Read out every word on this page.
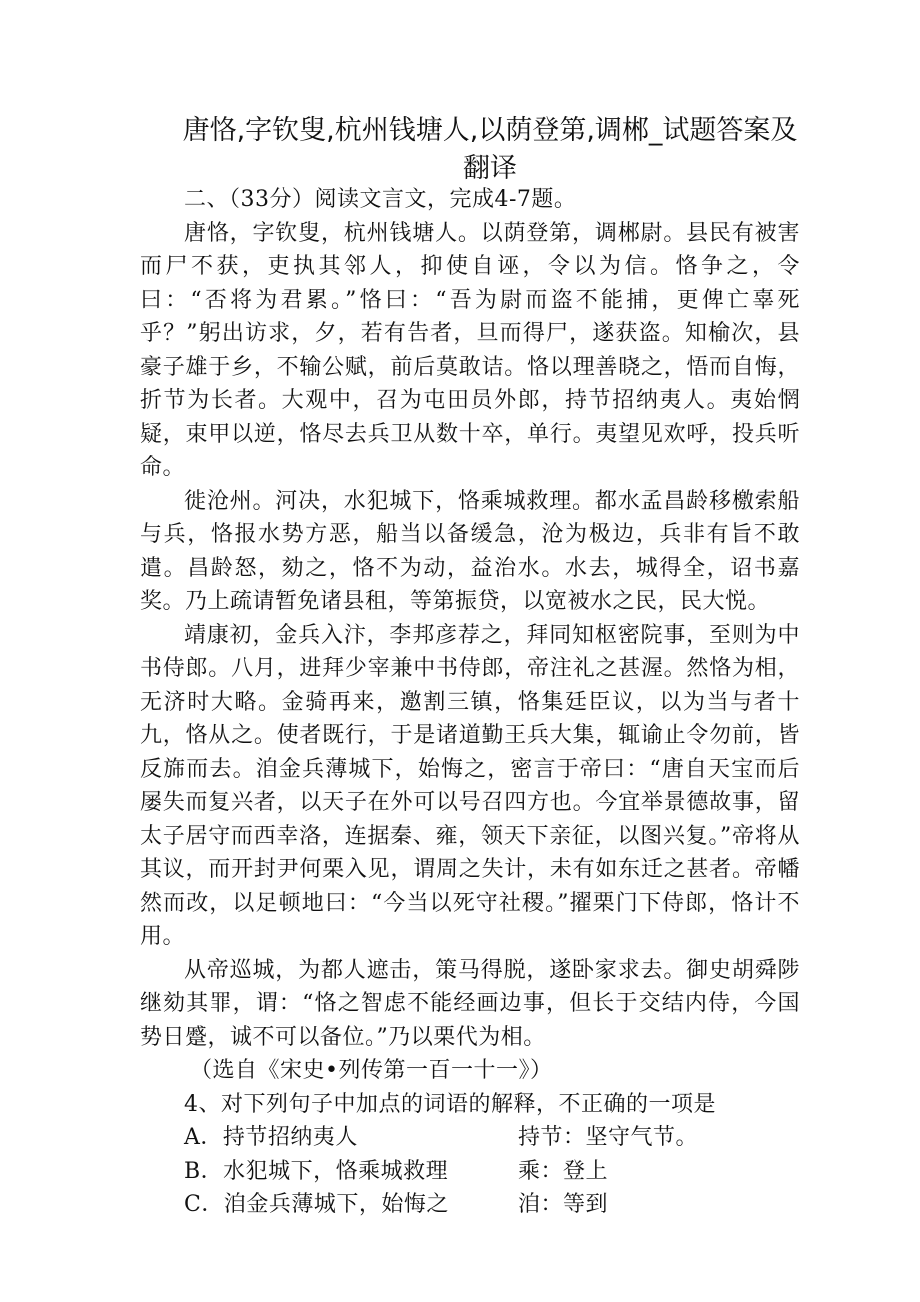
唐恪,字钦叟,杭州钱塘人,以荫登第,调郴_试题答案及翻译

二、（33分）阅读文言文，完成4-7题。

唐恪，字钦叟，杭州钱塘人。以荫登第，调郴尉。县民有被害而尸不获，吏执其邻人，抑使自诬，令以为信。恪争之，令曰：“否将为君累。”恪曰：“吾为尉而盗不能捕，更俾亡辜死乎？”躬出访求，夕，若有告者，旦而得尸，遂获盗。知榆次，县豪子雄于乡，不输公赋，前后莫敢诘。恪以理善晓之，悟而自悔，折节为长者。大观中，召为屯田员外郎，持节招纳夷人。夷始惘疑，束甲以逆，恪尽去兵卫从数十卒，单行。夷望见欢呼，投兵听命。

徙沧州。河决，水犯城下，恪乘城救理。都水孟昌龄移檄索船与兵，恪报水势方恶，船当以备缓急，沧为极边，兵非有旨不敢遣。昌龄怒，劾之，恪不为动，益治水。水去，城得全，诏书嘉奖。乃上疏请暂免诸县租，等第振贷，以宽被水之民，民大悦。

靖康初，金兵入汴，李邦彦荐之，拜同知枢密院事，至则为中书侍郎。八月，进拜少宰兼中书侍郎，帝注礼之甚渥。然恪为相，无济时大略。金骑再来，邀割三镇，恪集廷臣议，以为当与者十九，恪从之。使者既行，于是诸道勤王兵大集，辄谕止令勿前，皆反旆而去。洎金兵薄城下，始悔之，密言于帝曰：“唐自天宝而后屡失而复兴者，以天子在外可以号召四方也。今宜举景德故事，留太子居守而西幸洛，连据秦、雍，领天下亲征，以图兴复。”帝将从其议，而开封尹何栗入见，谓周之失计，未有如东迁之甚者。帝幡然而改，以足顿地曰：“今当以死守社稷。”擢栗门下侍郎，恪计不用。

从帝巡城，为都人遮击，策马得脱，遂卧家求去。御史胡舜陟继劾其罪，谓：“恪之智虑不能经画边事，但长于交结内侍，今国势日蹙，诚不可以备位。”乃以栗代为相。

（选自《宋史•列传第一百一十一》）

4、对下列句子中加点的词语的解释，不正确的一项是

A．持节招纳夷人	持节：坚守气节。
B．水犯城下，恪乘城救理	乘：登上
C．洎金兵薄城下，始悔之	洎：等到
